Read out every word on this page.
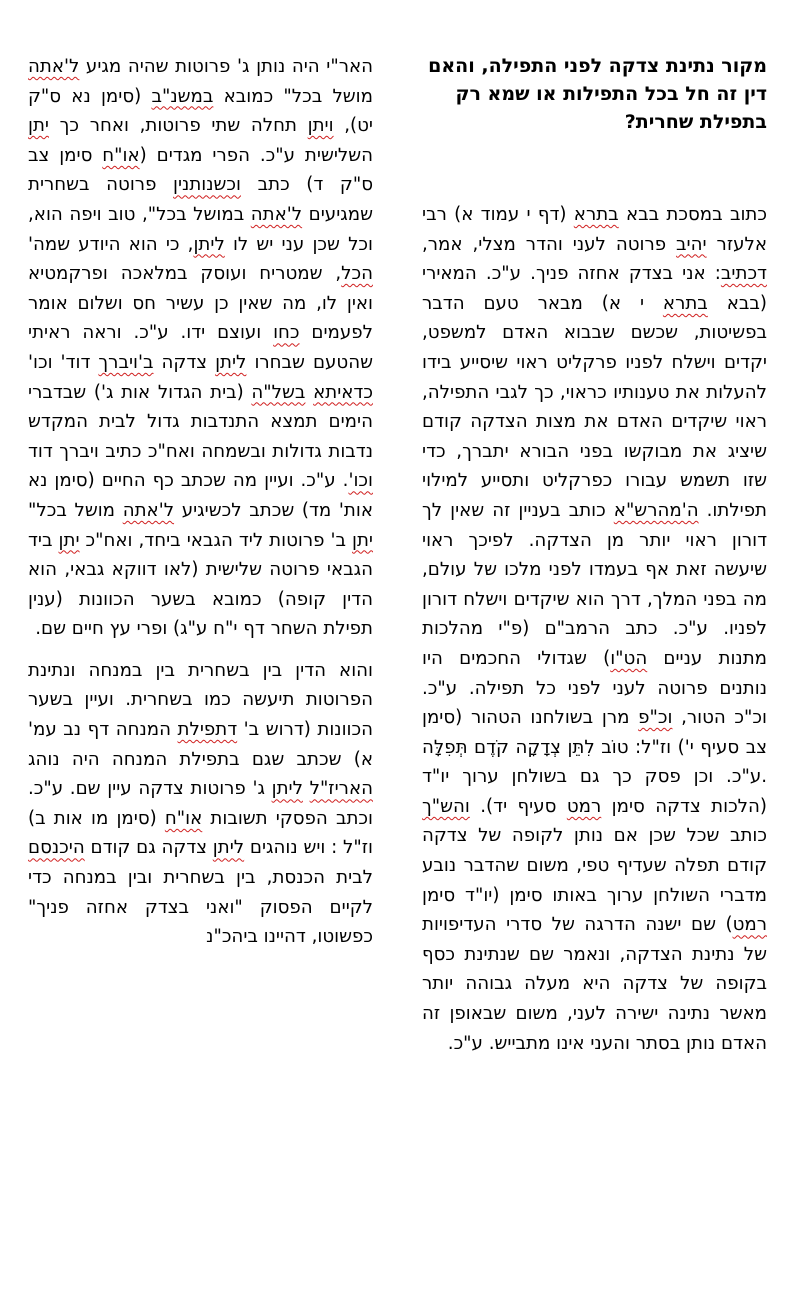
מקור נתינת צדקה לפני התפילה, והאם דין זה חל בכל התפילות או שמא רק בתפילת שחרית?

כתוב במסכת בבא בתרא (דף י עמוד א) רבי אלעזר יהיב פרוטה לעני והדר מצלי, אמר, דכתיב: אני בצדק אחזה פניך. ע"כ. המאירי (בבא בתרא י א) מבאר טעם הדבר בפשיטות, שכשם שבבוא האדם למשפט, יקדים וישלח לפניו פרקליט ראוי שיסייע בידו להעלות את טענותיו כראוי, כך לגבי התפילה, ראוי שיקדים האדם את מצות הצדקה קודם שיציג את מבוקשו בפני הבורא יתברך, כדי שזו תשמש עבורו כפרקליט ותסייע למילוי תפילתו. ה'מהרש"א כותב בעניין זה שאין לך דורון ראוי יותר מן הצדקה. לפיכך ראוי שיעשה זאת אף בעמדו לפני מלכו של עולם, מה בפני המלך, דרך הוא שיקדים וישלח דורון לפניו. ע"כ. כתב הרמב"ם (פ"י מהלכות מתנות עניים הט"ו) שגדולי החכמים היו נותנים פרוטה לעני לפני כל תפילה. ע"כ. וכ"כ הטור, וכ"פ מרן בשולחנו הטהור (סימן צב סעיף י') וז"ל: טוֹב לִתֵּן צְדָקָה קֹדֶם תְּפִלָּה .ע"כ. וכן פסק כך גם בשולחן ערוך יו"ד (הלכות צדקה סימן רמט סעיף יד). והש"ך כותב שכל שכן אם נותן לקופה של צדקה קודם תפלה שעדיף טפי, משום שהדבר נובע מדברי השולחן ערוך באותו סימן (יו"ד סימן רמט) שם ישנה הדרגה של סדרי העדיפויות של נתינת הצדקה, ונאמר שם שנתינת כסף בקופה של צדקה היא מעלה גבוהה יותר מאשר נתינה ישירה לעני, משום שבאופן זה האדם נותן בסתר והעני אינו מתבייש. ע"כ.

האר"י היה נותן ג' פרוטות שהיה מגיע ל'אתה מושל בכל" כמובא במשנ"ב (סימן נא ס"ק יט), ויתן תחלה שתי פרוטות, ואחר כך יתן השלישית ע"כ. הפרי מגדים (או"ח סימן צב ס"ק ד) כתב וכשנותנין פרוטה בשחרית שמגיעים ל'אתה במושל בכל", טוב ויפה הוא, וכל שכן עני יש לו ליתן, כי הוא היודע שמה' הכל, שמטריח ועוסק במלאכה ופרקמטיא ואין לו, מה שאין כן עשיר חס ושלום אומר לפעמים כחו ועוצם ידו. ע"כ. וראה ראיתי שהטעם שבחרו ליתן צדקה ב'ויברך דוד' וכו' כדאיתא בשל"ה (בית הגדול אות ג') שבדברי הימים תמצא התנדבות גדול לבית המקדש נדבות גדולות ובשמחה ואח"כ כתיב ויברך דוד וכו'. ע"כ. ועיין מה שכתב כף החיים (סימן נא אות' מד) שכתב לכשיגיע ל'אתה מושל בכל" יתן ב' פרוטות ליד הגבאי ביחד, ואח"כ יתן ביד הגבאי פרוטה שלישית (לאו דווקא גבאי, הוא הדין קופה) כמובא בשער הכוונות (ענין תפילת השחר דף י"ח ע"ג) ופרי עץ חיים שם.

והוא הדין בין בשחרית בין במנחה ונתינת הפרוטות תיעשה כמו בשחרית. ועיין בשער הכוונות (דרוש ב' דתפילת המנחה דף נב עמ' א) שכתב שגם בתפילת המנחה היה נוהג האריז"ל ליתן ג' פרוטות צדקה עיין שם. ע"כ. וכתב הפסקי תשובות או"ח (סימן מו אות ב) וז"ל : ויש נוהגים ליתן צדקה גם קודם היכנסם לבית הכנסת, בין בשחרית ובין במנחה כדי לקיים הפסוק "ואני בצדק אחזה פניך" כפשוטו, דהיינו ביהכ"נ
